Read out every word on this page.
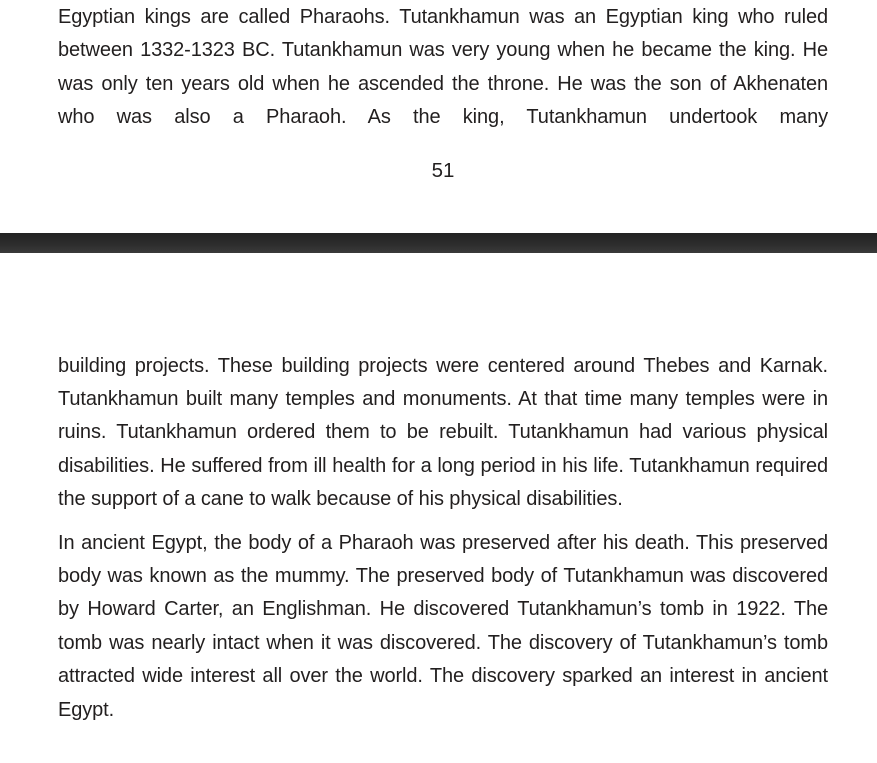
Egyptian kings are called Pharaohs. Tutankhamun was an Egyptian king who ruled between 1332-1323 BC. Tutankhamun was very young when he became the king. He was only ten years old when he ascended the throne. He was the son of Akhenaten who was also a Pharaoh. As the king, Tutankhamun undertook many

51

building projects. These building projects were centered around Thebes and Karnak. Tutankhamun built many temples and monuments. At that time many temples were in ruins. Tutankhamun ordered them to be rebuilt. Tutankhamun had various physical disabilities. He suffered from ill health for a long period in his life. Tutankhamun required the support of a cane to walk because of his physical disabilities.

In ancient Egypt, the body of a Pharaoh was preserved after his death. This preserved body was known as the mummy. The preserved body of Tutankhamun was discovered by Howard Carter, an Englishman. He discovered Tutankhamun’s tomb in 1922. The tomb was nearly intact when it was discovered. The discovery of Tutankhamun’s tomb attracted wide interest all over the world. The discovery sparked an interest in ancient Egypt.
